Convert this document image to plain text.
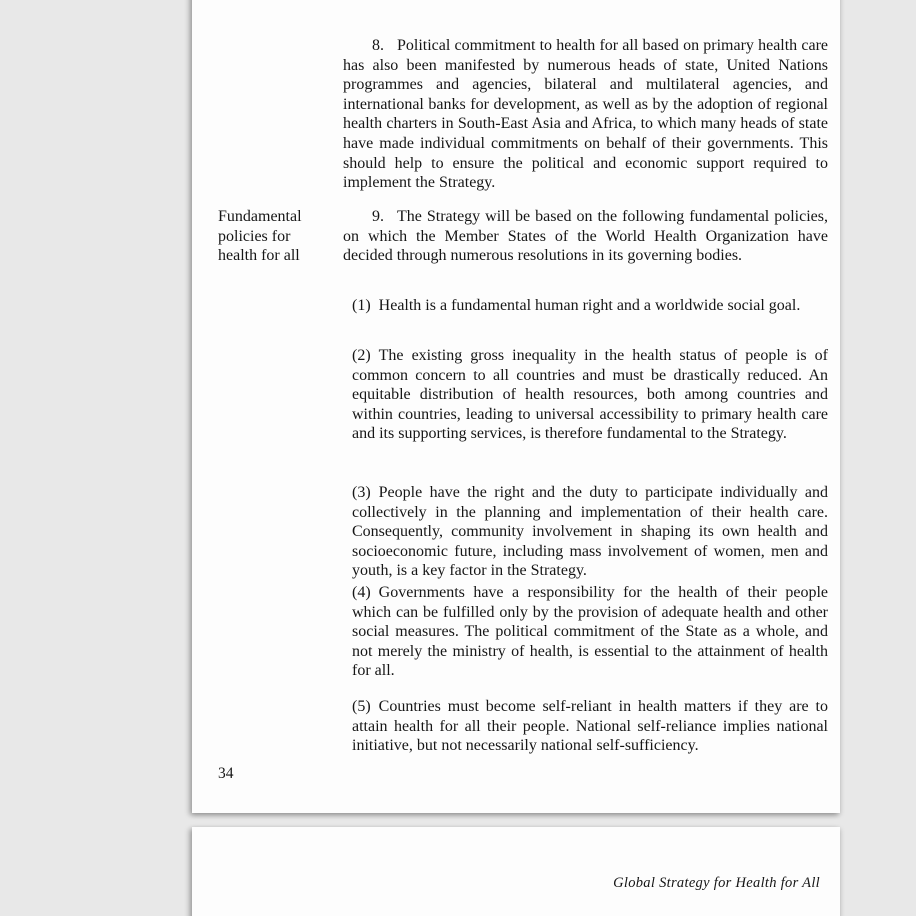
8. Political commitment to health for all based on primary health care has also been manifested by numerous heads of state, United Nations programmes and agencies, bilateral and multilateral agencies, and international banks for development, as well as by the adoption of regional health charters in South-East Asia and Africa, to which many heads of state have made individual commitments on behalf of their governments. This should help to ensure the political and economic support required to implement the Strategy.

Fundamental policies for health for all

9. The Strategy will be based on the following fundamental policies, on which the Member States of the World Health Organization have decided through numerous resolutions in its governing bodies.

(1) Health is a fundamental human right and a worldwide social goal.
(2) The existing gross inequality in the health status of people is of common concern to all countries and must be drastically reduced. An equitable distribution of health resources, both among countries and within countries, leading to universal accessibility to primary health care and its supporting services, is therefore fundamental to the Strategy.
(3) People have the right and the duty to participate individually and collectively in the planning and implementation of their health care. Consequently, community involvement in shaping its own health and socioeconomic future, including mass involvement of women, men and youth, is a key factor in the Strategy.
(4) Governments have a responsibility for the health of their people which can be fulfilled only by the provision of adequate health and other social measures. The political commitment of the State as a whole, and not merely the ministry of health, is essential to the attainment of health for all.
(5) Countries must become self-reliant in health matters if they are to attain health for all their people. National self-reliance implies national initiative, but not necessarily national self-sufficiency.
34
Global Strategy for Health for All
